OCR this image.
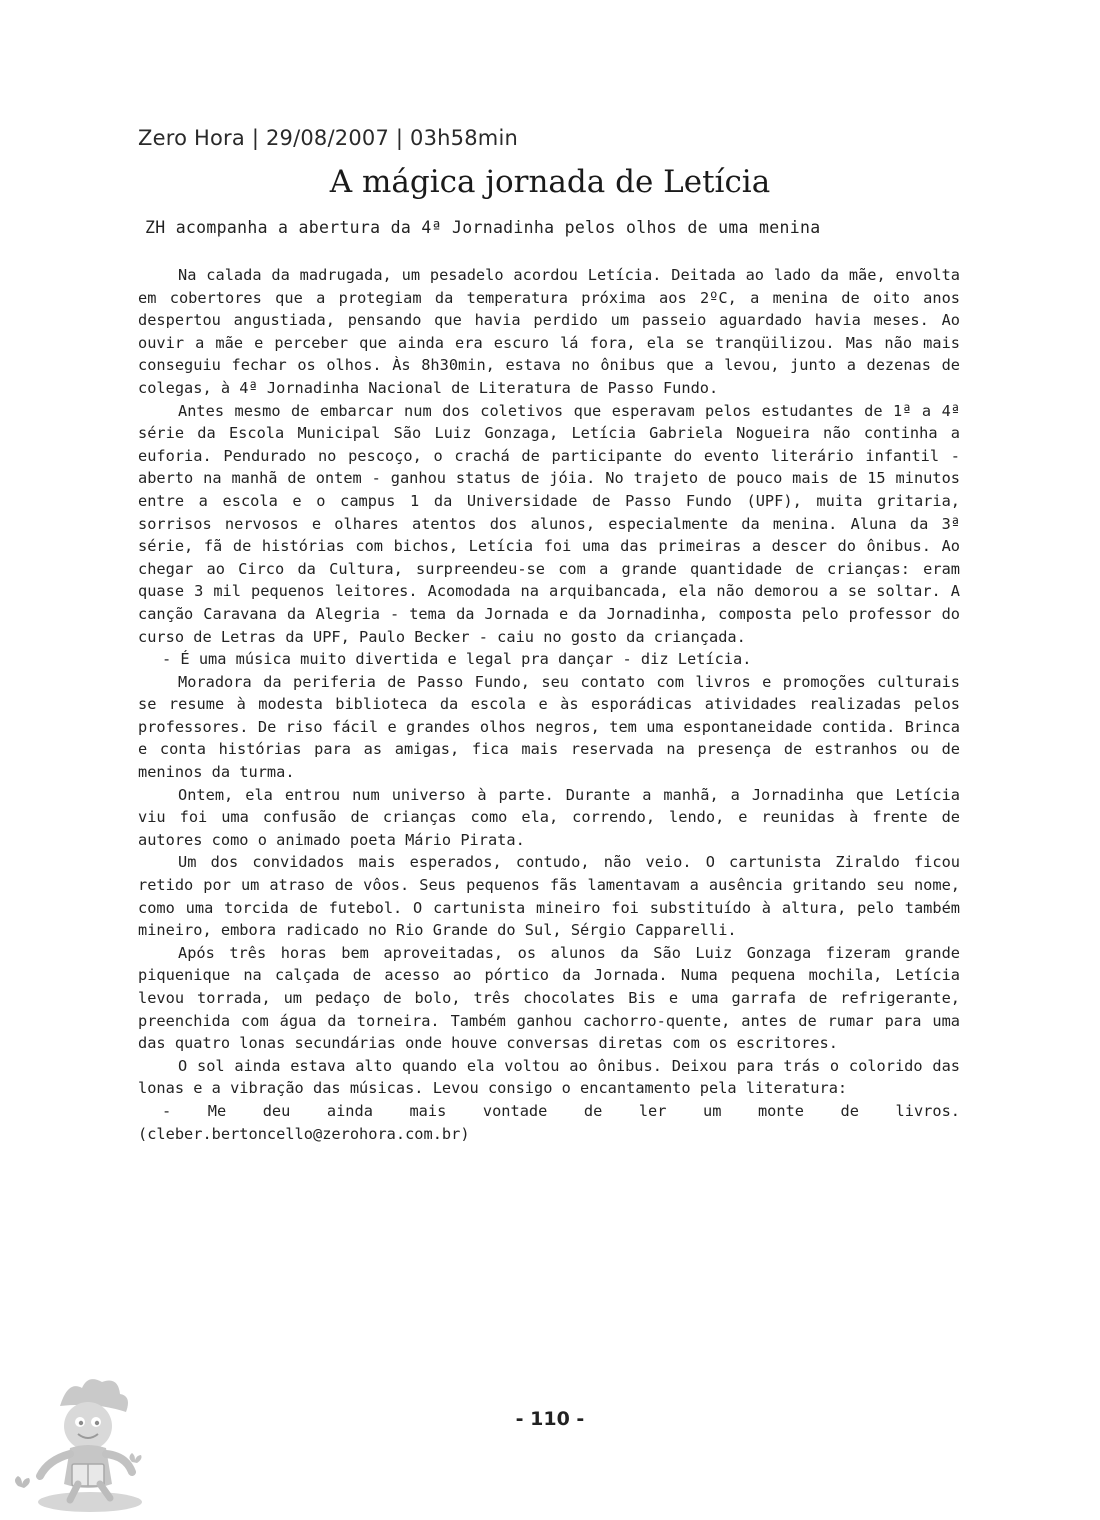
Zero Hora | 29/08/2007 | 03h58min
A mágica jornada de Letícia
ZH acompanha a abertura da 4ª Jornadinha pelos olhos de uma menina

Na calada da madrugada, um pesadelo acordou Letícia. Deitada ao lado da mãe, envolta em cobertores que a protegiam da temperatura próxima aos 2ºC, a menina de oito anos despertou angustiada, pensando que havia perdido um passeio aguardado havia meses. Ao ouvir a mãe e perceber que ainda era escuro lá fora, ela se tranqüilizou. Mas não mais conseguiu fechar os olhos. Às 8h30min, estava no ônibus que a levou, junto a dezenas de colegas, à 4ª Jornadinha Nacional de Literatura de Passo Fundo.

Antes mesmo de embarcar num dos coletivos que esperavam pelos estudantes de 1ª a 4ª série da Escola Municipal São Luiz Gonzaga, Letícia Gabriela Nogueira não continha a euforia. Pendurado no pescoço, o crachá de participante do evento literário infantil - aberto na manhã de ontem - ganhou status de jóia. No trajeto de pouco mais de 15 minutos entre a escola e o campus 1 da Universidade de Passo Fundo (UPF), muita gritaria, sorrisos nervosos e olhares atentos dos alunos, especialmente da menina. Aluna da 3ª série, fã de histórias com bichos, Letícia foi uma das primeiras a descer do ônibus. Ao chegar ao Circo da Cultura, surpreendeu-se com a grande quantidade de crianças: eram quase 3 mil pequenos leitores. Acomodada na arquibancada, ela não demorou a se soltar. A canção Caravana da Alegria - tema da Jornada e da Jornadinha, composta pelo professor do curso de Letras da UPF, Paulo Becker - caiu no gosto da criançada.

- É uma música muito divertida e legal pra dançar - diz Letícia.

Moradora da periferia de Passo Fundo, seu contato com livros e promoções culturais se resume à modesta biblioteca da escola e às esporádicas atividades realizadas pelos professores. De riso fácil e grandes olhos negros, tem uma espontaneidade contida. Brinca e conta histórias para as amigas, fica mais reservada na presença de estranhos ou de meninos da turma.

Ontem, ela entrou num universo à parte. Durante a manhã, a Jornadinha que Letícia viu foi uma confusão de crianças como ela, correndo, lendo, e reunidas à frente de autores como o animado poeta Mário Pirata.

Um dos convidados mais esperados, contudo, não veio. O cartunista Ziraldo ficou retido por um atraso de vôos. Seus pequenos fãs lamentavam a ausência gritando seu nome, como uma torcida de futebol. O cartunista mineiro foi substituído à altura, pelo também mineiro, embora radicado no Rio Grande do Sul, Sérgio Capparelli.

Após três horas bem aproveitadas, os alunos da São Luiz Gonzaga fizeram grande piquenique na calçada de acesso ao pórtico da Jornada. Numa pequena mochila, Letícia levou torrada, um pedaço de bolo, três chocolates Bis e uma garrafa de refrigerante, preenchida com água da torneira. Também ganhou cachorro-quente, antes de rumar para uma das quatro lonas secundárias onde houve conversas diretas com os escritores.

O sol ainda estava alto quando ela voltou ao ônibus. Deixou para trás o colorido das lonas e a vibração das músicas. Levou consigo o encantamento pela literatura:

- Me deu ainda mais vontade de ler um monte de livros. (cleber.bertoncello@zerohora.com.br)

- 110 -
